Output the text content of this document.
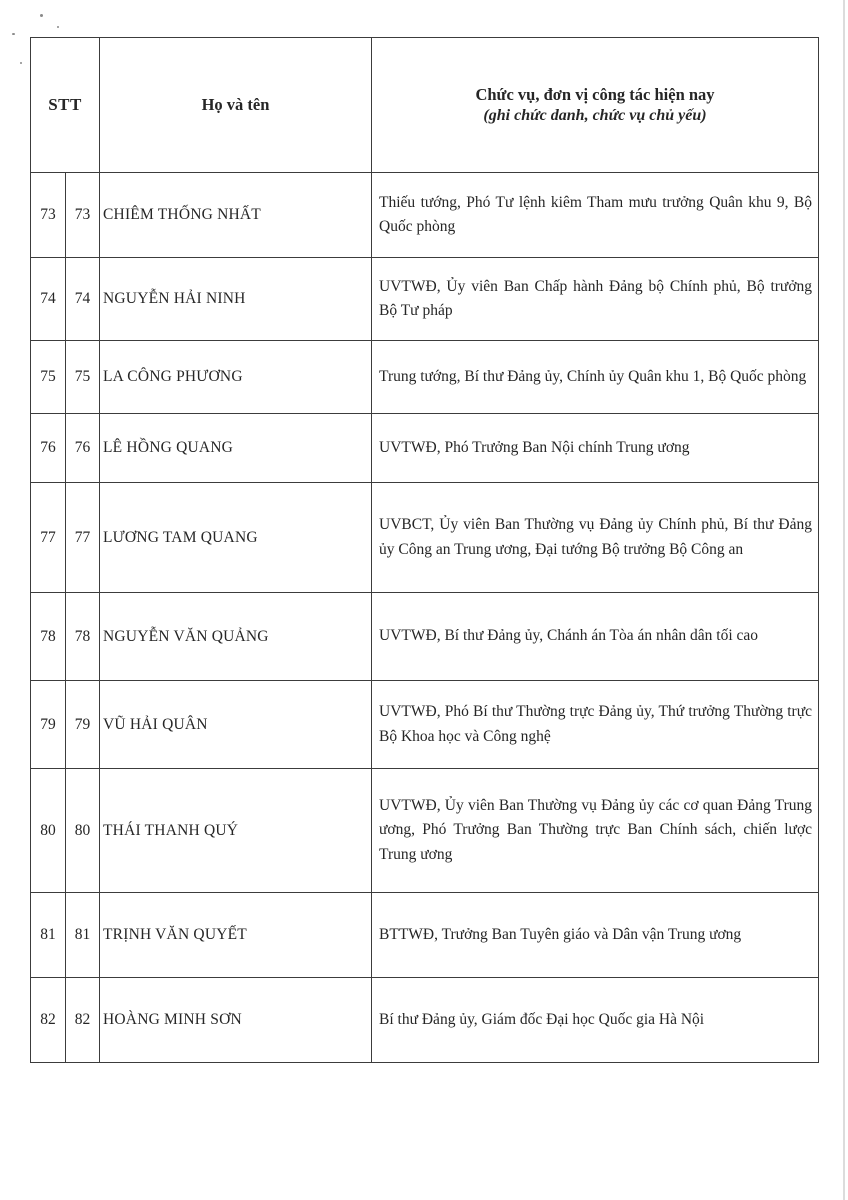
STT		Họ và tên	Chức vụ, đơn vị công tác hiện nay
(ghi chức danh, chức vụ chủ yếu)

73	73	CHIÊM THỐNG NHẤT	Thiếu tướng, Phó Tư lệnh kiêm Tham mưu trưởng Quân khu 9, Bộ Quốc phòng
74	74	NGUYỄN HẢI NINH	UVTWĐ, Ủy viên Ban Chấp hành Đảng bộ Chính phủ, Bộ trưởng Bộ Tư pháp
75	75	LA CÔNG PHƯƠNG	Trung tướng, Bí thư Đảng ủy, Chính ủy Quân khu 1, Bộ Quốc phòng
76	76	LÊ HỒNG QUANG	UVTWĐ, Phó Trưởng Ban Nội chính Trung ương
77	77	LƯƠNG TAM QUANG	UVBCT, Ủy viên Ban Thường vụ Đảng ủy Chính phủ, Bí thư Đảng ủy Công an Trung ương, Đại tướng Bộ trưởng Bộ Công an
78	78	NGUYỄN VĂN QUẢNG	UVTWĐ, Bí thư Đảng ủy, Chánh án Tòa án nhân dân tối cao
79	79	VŨ HẢI QUÂN	UVTWĐ, Phó Bí thư Thường trực Đảng ủy, Thứ trưởng Thường trực Bộ Khoa học và Công nghệ
80	80	THÁI THANH QUÝ	UVTWĐ, Ủy viên Ban Thường vụ Đảng ủy các cơ quan Đảng Trung ương, Phó Trưởng Ban Thường trực Ban Chính sách, chiến lược Trung ương
81	81	TRỊNH VĂN QUYẾT	BTTWĐ, Trưởng Ban Tuyên giáo và Dân vận Trung ương
82	82	HOÀNG MINH SƠN	Bí thư Đảng ủy, Giám đốc Đại học Quốc gia Hà Nội
